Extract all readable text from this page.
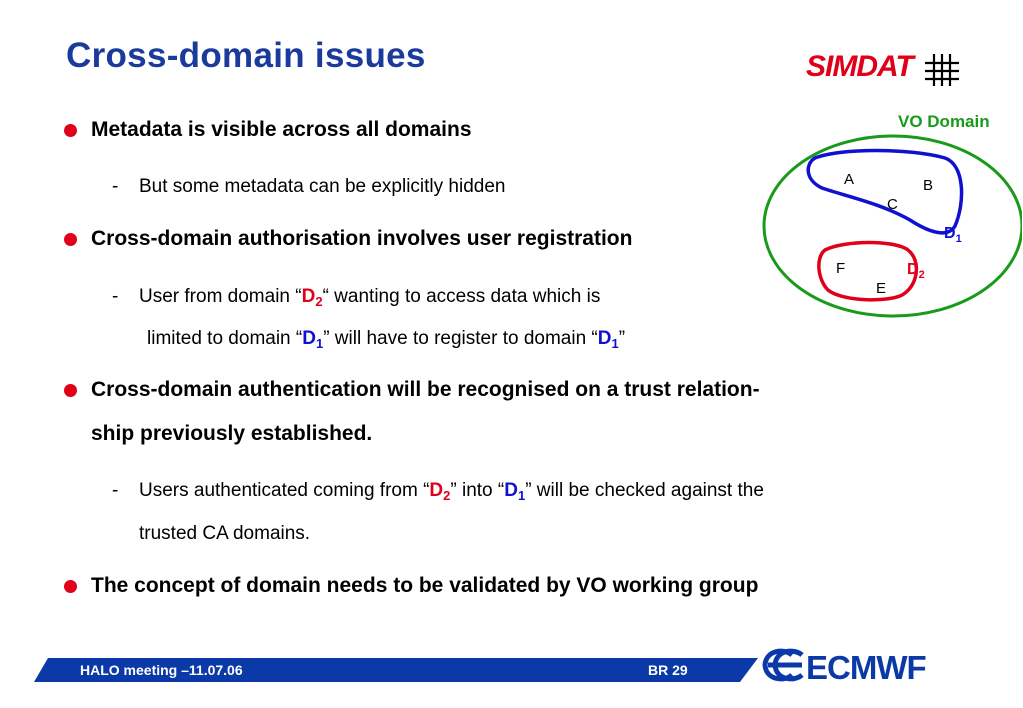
Cross-domain issues	SIMDAT
Metadata is visible across all domains
- But some metadata can be explicitly hidden
Cross-domain authorisation involves user registration
- User from domain “$D_2“$ wanting to access data which is
limited to domain “$D_1$” will have to register to domain “$D_1$”
Cross-domain authentication will be recognised on a trust relation-
ship previously established.
- Users authenticated coming from “$D_2$” into “$D_1$” will be checked against the
trusted CA domains.
The concept of domain needs to be validated by VO working group
VO Domain
A	B
C
F
E
$D_1$
$D_2$
HALO meeting –11.07.06	BR 29	ECMWF
